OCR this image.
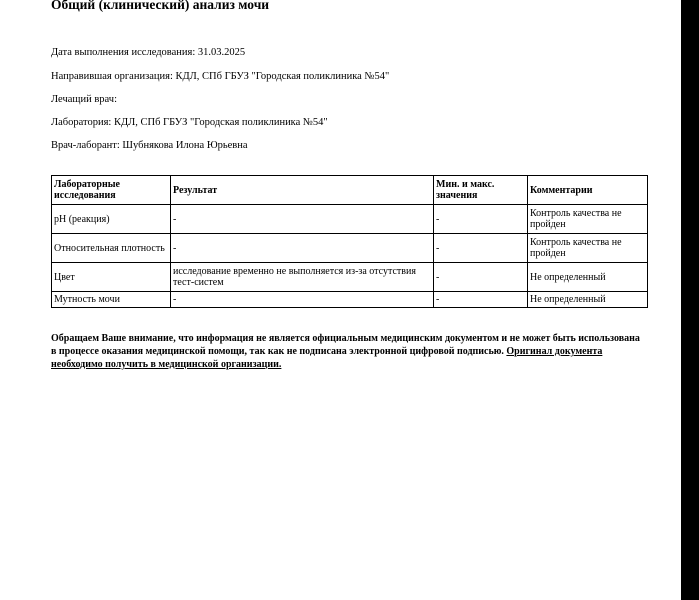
Общий (клинический) анализ мочи
Дата выполнения исследования: 31.03.2025
Направившая организация: КДЛ, СПб ГБУЗ "Городская поликлиника №54"
Лечащий врач:
Лаборатория: КДЛ, СПб ГБУЗ "Городская поликлиника №54"
Врач-лаборант: Шубнякова Илона Юрьевна
Лабораторные исследования	Результат	Мин. и макс. значения	Комментарии
pH (реакция)	-	-	Контроль качества не пройден
Относительная плотность	-	-	Контроль качества не пройден
Цвет	исследование временно не выполняется из-за отсутствия тест-систем	-	Не определенный
Мутность мочи	-	-	Не определенный
Обращаем Ваше внимание, что информация не является официальным медицинским документом и не может быть использована в процессе оказания медицинской помощи, так как не подписана электронной цифровой подписью. Оригинал документа необходимо получить в медицинской организации.
